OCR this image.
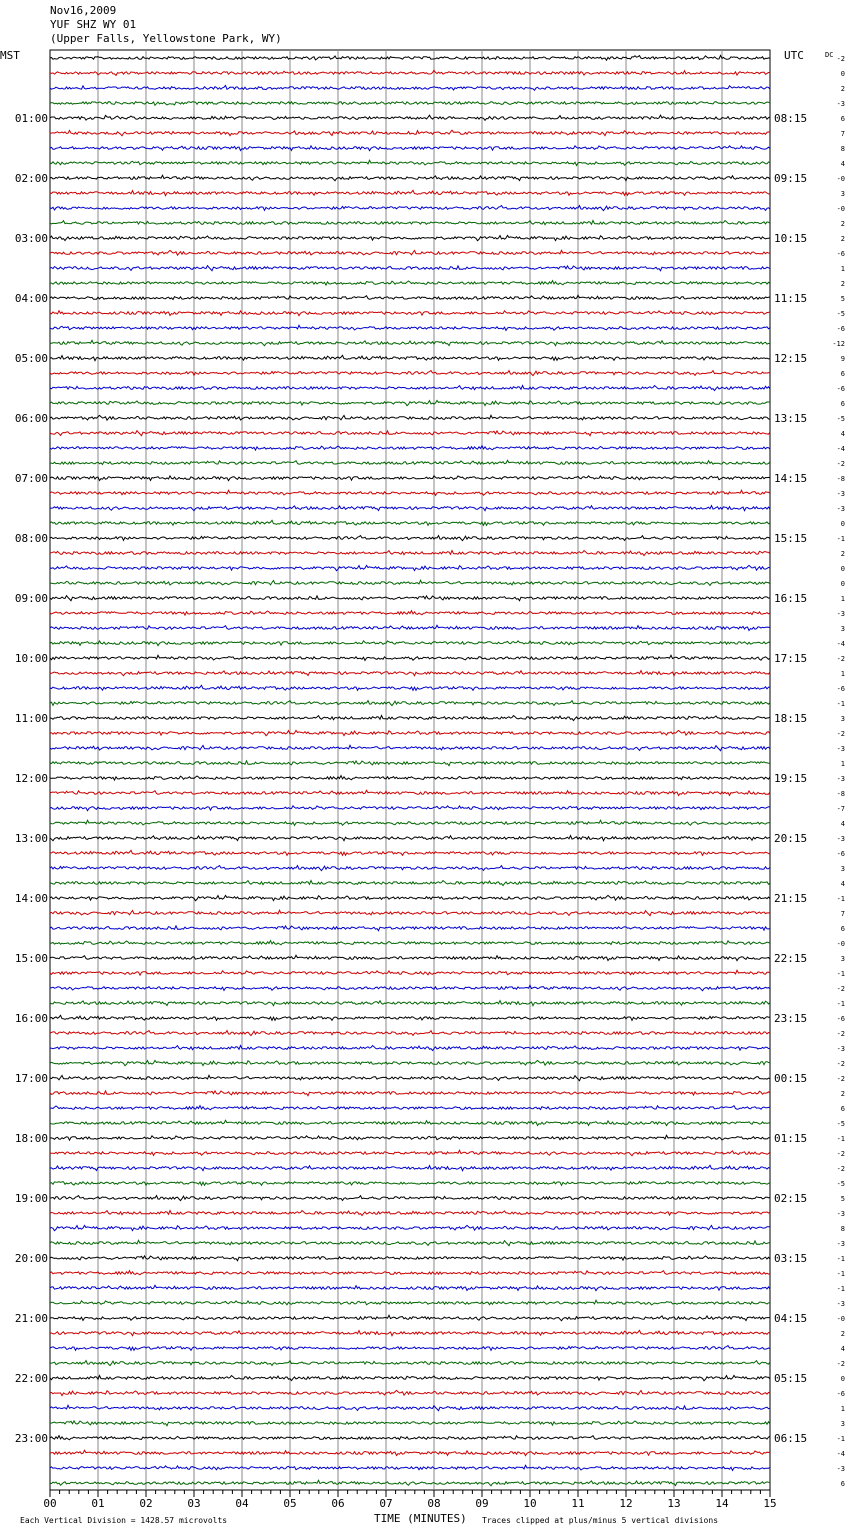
Nov16,2009
YUF SHZ WY 01
(Upper Falls, Yellowstone Park, WY)
MST	UTC
01:00	08:15
02:00	09:15
03:00	10:15
04:00	11:15
05:00	12:15
06:00	13:15
07:00	14:15
08:00	15:15
09:00	16:15
10:00	17:15
11:00	18:15
12:00	19:15
13:00	20:15
14:00	21:15
15:00	22:15
16:00	23:15
17:00	00:15
18:00	01:15
19:00	02:15
20:00	03:15
21:00	04:15
22:00	05:15
23:00	06:15
DC -2
0
2
-3
6
7
8
4
-0
3
-0
2
2
-6
1
2
5
-5
-6
-12
9
6
-6
6
-5
4
-4
-2
-8
-3
-3
0
-1
2
0
0
1
-3
3
-4
-2
1
-6
-1
3
-2
-3
1
-3
-8
-7
4
-3
-6
3
4
-1
7
6
-0
3
-1
-2
-1
-6
-2
-3
-2
-2
2
6
-5
-1
-2
-2
-5
5
-3
8
-3
-1
-1
-1
-3
-0
2
4
-2
0
-6
1
3
-1
-4
-3
6
00	01	02	03	04	05	06	07	08	09	10	11	12	13	14	15
TIME (MINUTES)
Each Vertical Division = 1428.57 microvolts	Traces clipped at plus/minus 5 vertical divisions
